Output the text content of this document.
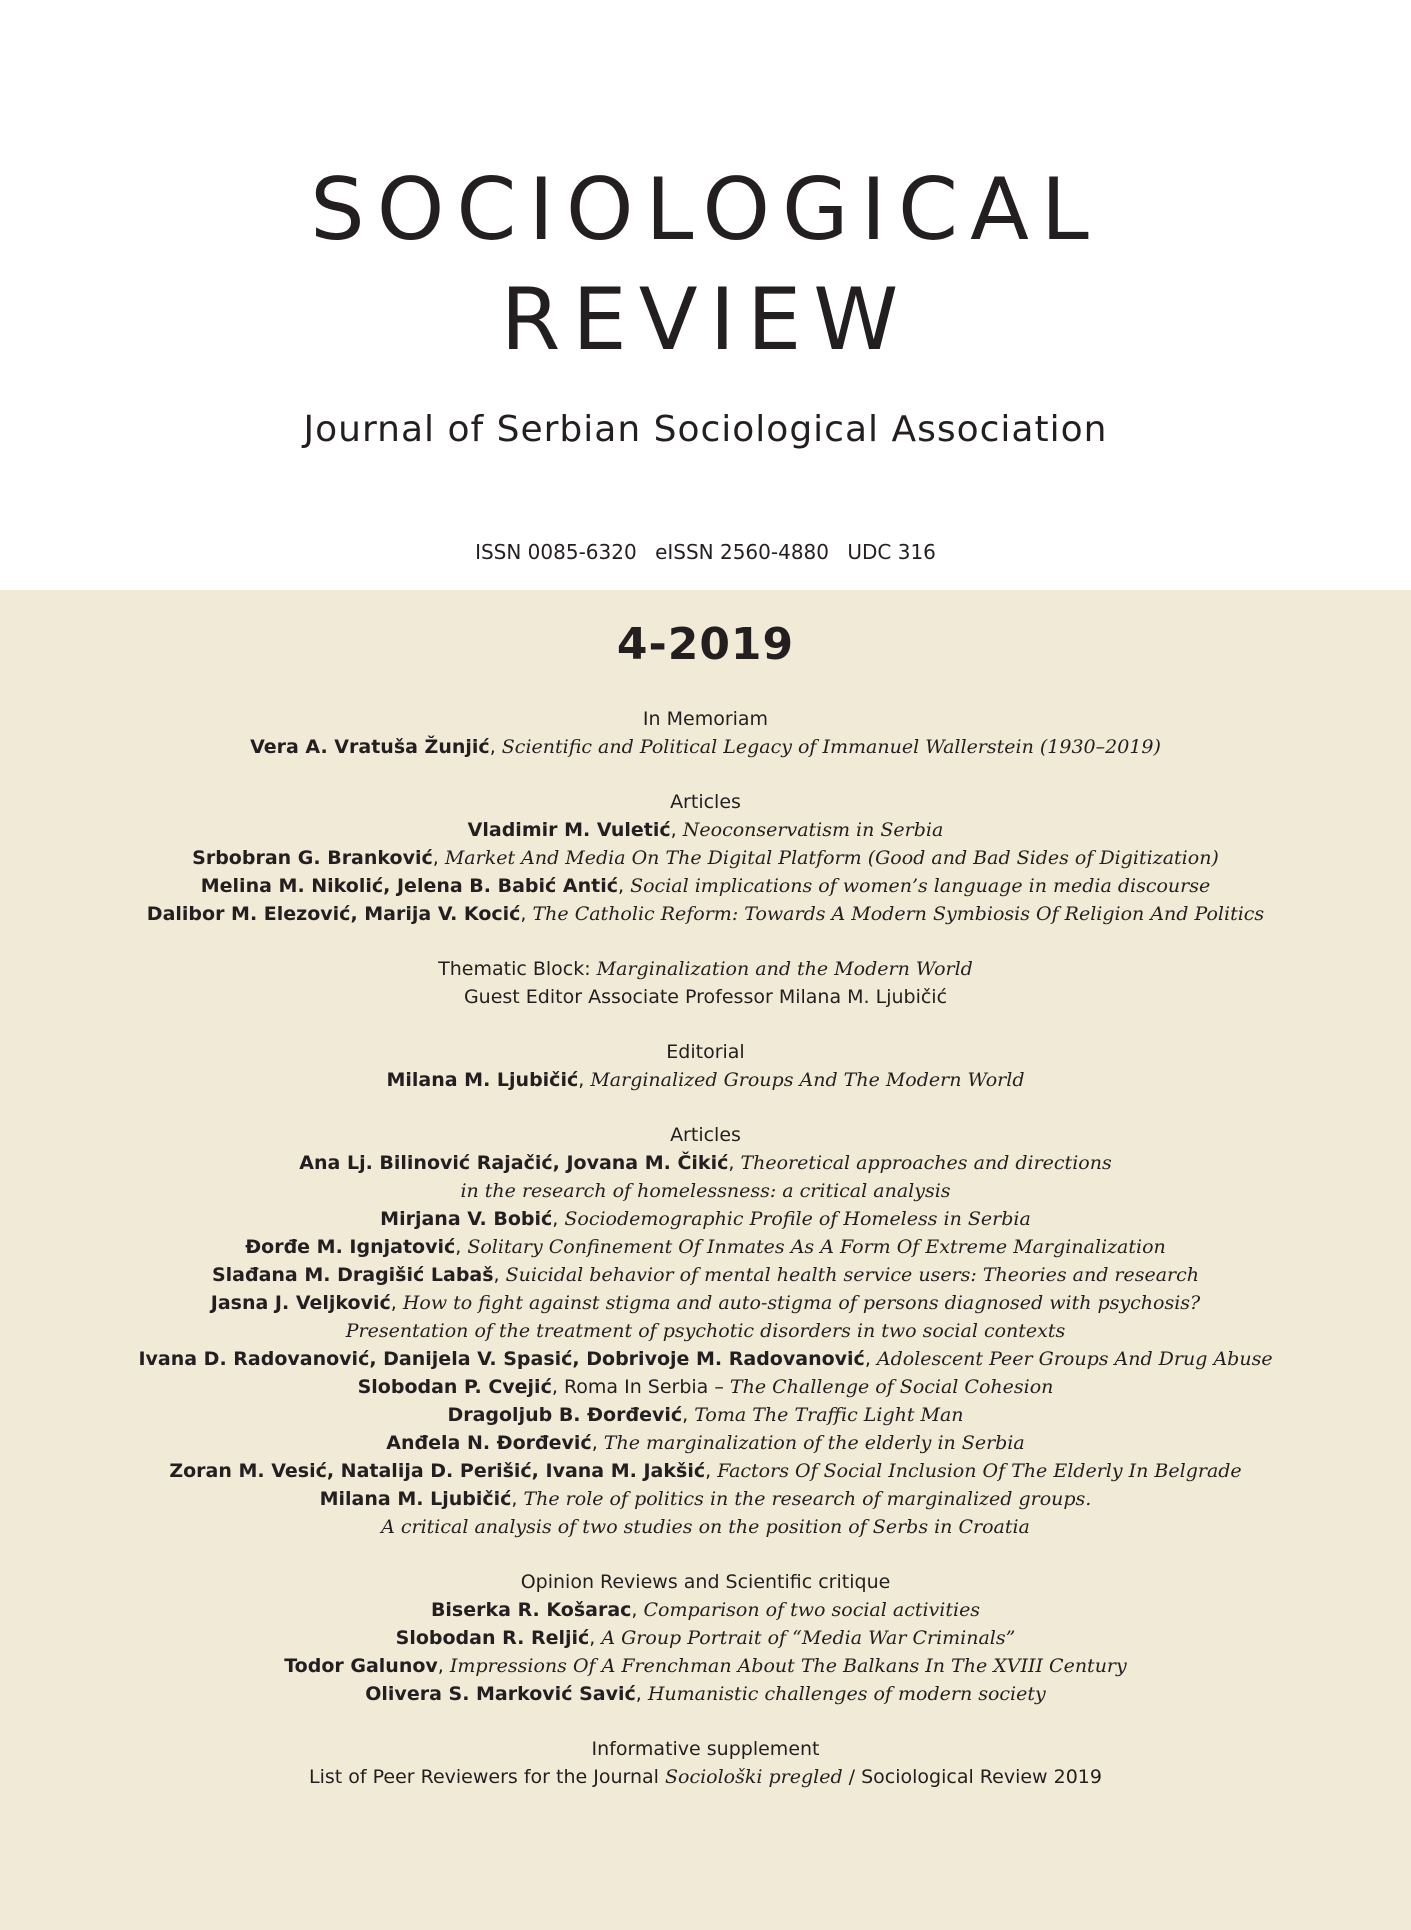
SOCIOLOGICAL
REVIEW

Journal of Serbian Sociological Association

ISSN 0085-6320 eISSN 2560-4880 UDC 316

4-2019

In Memoriam
Vera A. Vratuša Žunjić, Scientific and Political Legacy of Immanuel Wallerstein (1930–2019)
Articles
Vladimir M. Vuletić, Neoconservatism in Serbia
Srbobran G. Branković, Market And Media On The Digital Platform (Good and Bad Sides of Digitization)
Melina M. Nikolić, Jelena B. Babić Antić, Social implications of women’s language in media discourse
Dalibor M. Elezović, Marija V. Kocić, The Catholic Reform: Towards A Modern Symbiosis Of Religion And Politics
Thematic Block: Marginalization and the Modern World
Guest Editor Associate Professor Milana M. Ljubičić
Editorial
Milana M. Ljubičić, Marginalized Groups And The Modern World
Articles
Ana Lj. Bilinović Rajačić, Jovana M. Čikić, Theoretical approaches and directions
in the research of homelessness: a critical analysis
Mirjana V. Bobić, Sociodemographic Profile of Homeless in Serbia
Đorđe M. Ignjatović, Solitary Confinement Of Inmates As A Form Of Extreme Marginalization
Slađana M. Dragišić Labaš, Suicidal behavior of mental health service users: Theories and research
Jasna J. Veljković, How to fight against stigma and auto-stigma of persons diagnosed with psychosis?
Presentation of the treatment of psychotic disorders in two social contexts
Ivana D. Radovanović, Danijela V. Spasić, Dobrivoje M. Radovanović, Adolescent Peer Groups And Drug Abuse
Slobodan P. Cvejić, Roma In Serbia – The Challenge of Social Cohesion
Dragoljub B. Đorđević, Toma The Traffic Light Man
Anđela N. Đorđević, The marginalization of the elderly in Serbia
Zoran M. Vesić, Natalija D. Perišić, Ivana M. Jakšić, Factors Of Social Inclusion Of The Elderly In Belgrade
Milana M. Ljubičić, The role of politics in the research of marginalized groups.
A critical analysis of two studies on the position of Serbs in Croatia
Opinion Reviews and Scientific critique
Biserka R. Košarac, Comparison of two social activities
Slobodan R. Reljić, A Group Portrait of “Media War Criminals”
Todor Galunov, Impressions Of A Frenchman About The Balkans In The XVIII Century
Olivera S. Marković Savić, Humanistic challenges of modern society
Informative supplement
List of Peer Reviewers for the Journal Sociološki pregled / Sociological Review 2019
